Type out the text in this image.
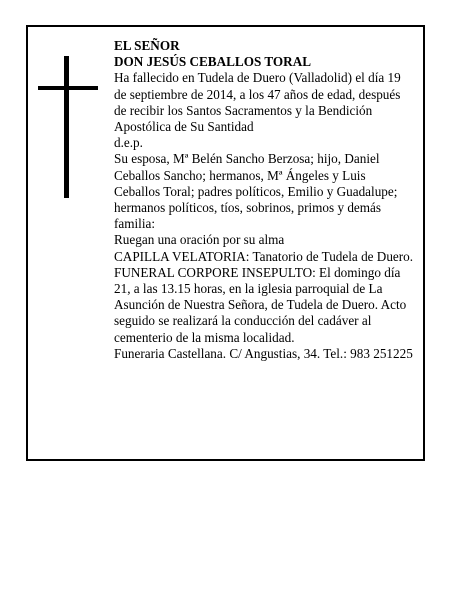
EL SEÑOR

DON JESÚS CEBALLOS TORAL

Ha fallecido en Tudela de Duero (Valladolid) el día 19 de septiembre de 2014, a los 47 años de edad, después de recibir los Santos Sacramentos y la Bendición Apostólica de Su Santidad

d.e.p.

Su esposa, Mª Belén Sancho Berzosa; hijo, Daniel Ceballos Sancho; hermanos, Mª Ángeles y Luis Ceballos Toral; padres políticos, Emilio y Guadalupe; hermanos políticos, tíos, sobrinos, primos y demás familia:

Ruegan una oración por su alma

CAPILLA VELATORIA: Tanatorio de Tudela de Duero.

FUNERAL CORPORE INSEPULTO: El domingo día 21, a las 13.15 horas, en la iglesia parroquial de La Asunción de Nuestra Señora, de Tudela de Duero. Acto seguido se realizará la conducción del cadáver al cementerio de la misma localidad.

Funeraria Castellana. C/ Angustias, 34. Tel.: 983 251225
